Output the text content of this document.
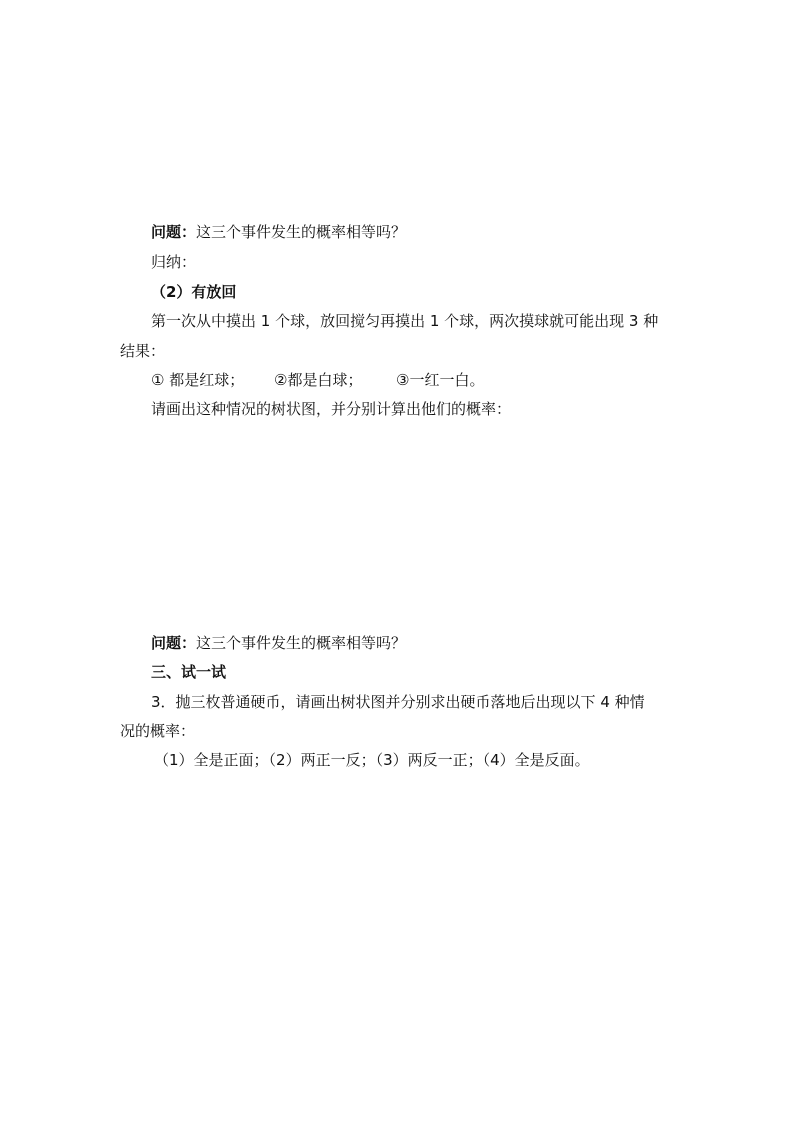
问题：这三个事件发生的概率相等吗？
归纳：
（2）有放回
第一次从中摸出 1 个球，放回搅匀再摸出 1 个球，两次摸球就可能出现 3 种
结果：
① 都是红球； ②都是白球； ③一红一白。
请画出这种情况的树状图，并分别计算出他们的概率：
问题：这三个事件发生的概率相等吗？
三、试一试
3．抛三枚普通硬币，请画出树状图并分别求出硬币落地后出现以下 4 种情
况的概率：
（1）全是正面；（2）两正一反；（3）两反一正；（4）全是反面。
